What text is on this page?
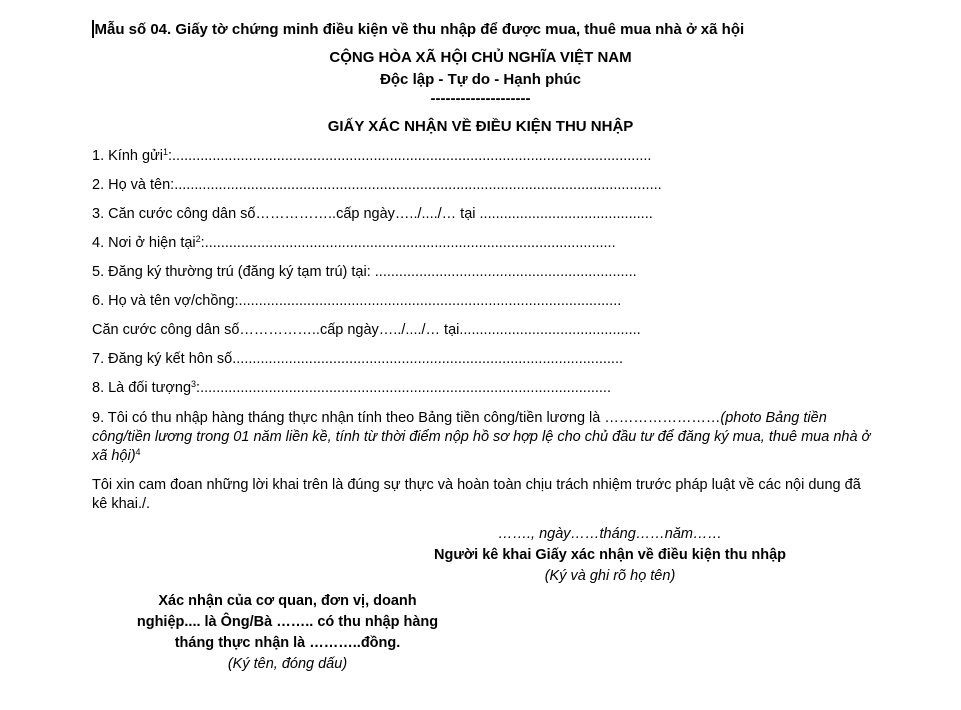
Mẫu số 04. Giấy tờ chứng minh điều kiện về thu nhập để được mua, thuê mua nhà ở xã hội
CỘNG HÒA XÃ HỘI CHỦ NGHĨA VIỆT NAM
Độc lập - Tự do - Hạnh phúc
--------------------
GIẤY XÁC NHẬN VỀ ĐIỀU KIỆN THU NHẬP
1. Kính gửi$^1$:.......................................................................................................................
2. Họ và tên:.........................................................................................................................
3. Căn cước công dân số……………..cấp ngày…../..../… tại ...........................................
4. Nơi ở hiện tại$^2$:......................................................................................................
5. Đăng ký thường trú (đăng ký tạm trú) tại: .................................................................
6. Họ và tên vợ/chồng:...............................................................................................
Căn cước công dân số……………..cấp ngày…../..../… tại.............................................
7. Đăng ký kết hôn số.................................................................................................
8. Là đối tượng$^3$:......................................................................................................
9. Tôi có thu nhập hàng tháng thực nhận tính theo Bảng tiền công/tiền lương là ……………………(photo Bảng tiền công/tiền lương trong 01 năm liền kề, tính từ thời điểm nộp hồ sơ hợp lệ cho chủ đầu tư để đăng ký mua, thuê mua nhà ở xã hội)$^4$
Tôi xin cam đoan những lời khai trên là đúng sự thực và hoàn toàn chịu trách nhiệm trước pháp luật về các nội dung đã kê khai./.
……., ngày……tháng……năm……
Người kê khai Giấy xác nhận về điều kiện thu nhập
(Ký và ghi rõ họ tên)
Xác nhận của cơ quan, đơn vị, doanh
nghiệp.... là Ông/Bà …….. có thu nhập hàng
tháng thực nhận là ………..đồng.
(Ký tên, đóng dấu)
